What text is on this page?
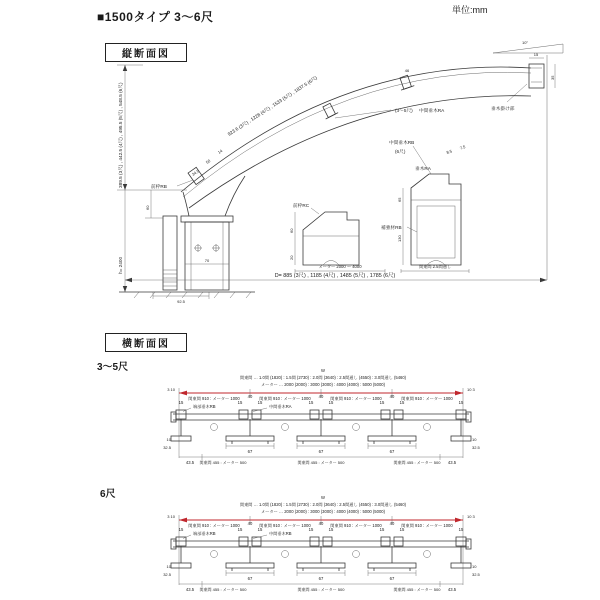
■1500タイプ 3〜6尺	単位:mm
縦断面図
10°
15
35
垂木掛け部
923.6 (3尺) , 1228 (4尺) , 1533 (5尺) , 1837.5 (6尺)
46
(3〜5尺) 中間垂木RA
中間垂木RB
(6尺)	8.5
7.5
50
34.5
14
389.5 (3尺) , 442.5 (4尺) , 495.5 (5尺) , 548.5 (6尺)
h= 2400
前枠RB
60
70
92.5
前枠RC
60
20
メーター 2000 〜 4000
垂木RA
補強材RB
65
130
関東間 2.5間通し
D= 885 (3尺) , 1185 (4尺) , 1485 (5尺) , 1785 (6尺)
横断面図
3〜5尺	W
関東間 … 1.0間 (1820) : 1.5間 (2730) : 2.0間 (3640) : 2.5間通し (4550) : 3.0間通し (5460)
メーター … 2000 (2000) : 3000 (3000) : 4000 (4000) : 5000 (5000)
3 10	10 3
関東間 910 : メーター 1000	関東間 910 : メーター 1000	関東間 910 : メーター 1000	関東間 910 : メーター 1000
15	15
40
15	15
40
15	15
40
15	15
端部垂木RB	中間垂木RA
67	67	67
43.5	43.5
関東間 455 : メーター 500	関東間 455 : メーター 500	関東間 455 : メーター 500
10
32.5
10
32.5
6尺	W
関東間 … 1.0間 (1820) : 1.5間 (2730) : 2.0間 (3640) : 2.5間通し (4550) : 3.0間通し (5460)
メーター … 2000 (2000) : 3000 (3000) : 4000 (4000) : 5000 (5000)
3 10	10 3
関東間 910 : メーター 1000	関東間 910 : メーター 1000	関東間 910 : メーター 1000	関東間 910 : メーター 1000
15	15
40
15	15
40
15	15
40
15	15
端部垂木RB	中間垂木RB
67	67	67
43.5	43.5
関東間 455 : メーター 500	関東間 455 : メーター 500	関東間 455 : メーター 500
10
32.5
10
32.5
